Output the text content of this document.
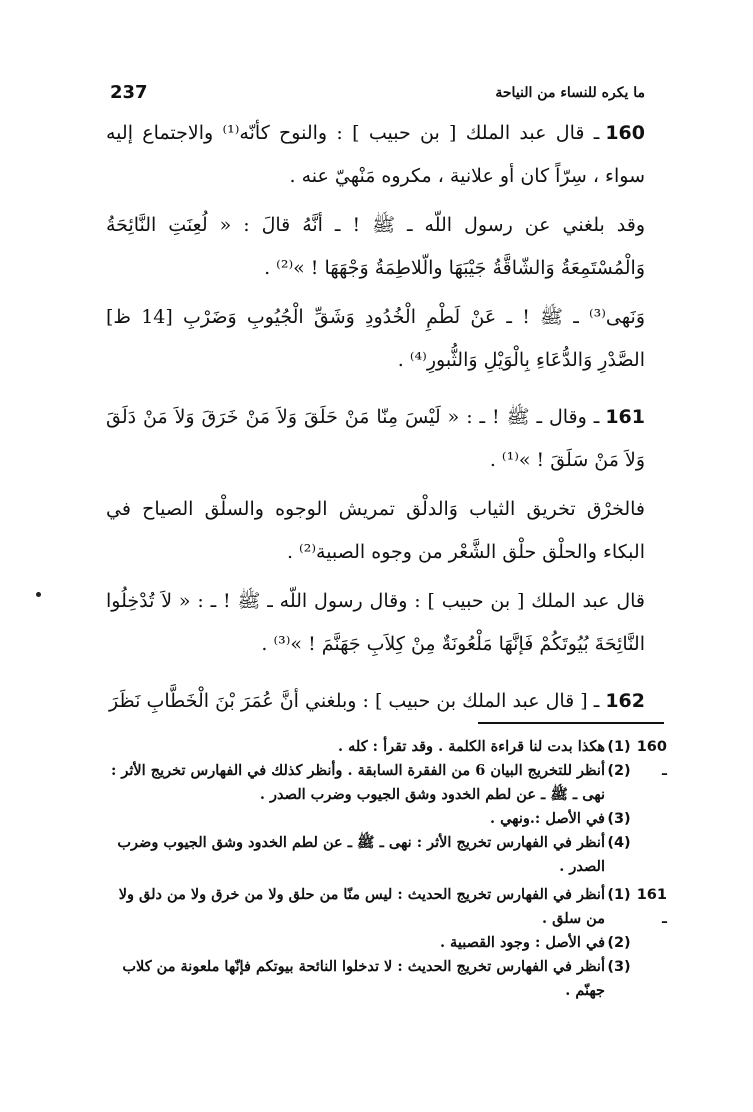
237	ما يكره للنساء من النياحة

160ـ قال عبد الملك [ بن حبيب ] : والنوح كأنّه⁽¹⁾ والاجتماع إليه سواء ، سِرّاً كان أو علانية ، مكروه مَنْهيّ عنه .

وقد بلغني عن رسول اللّه ـ ﷺ ! ـ أنَّهُ قالَ : « لُعِنَتِ النَّائِحَةُ وَالْمُسْتَمِعَةُ وَالشّاقَّةُ جَيْبَهَا والّلاطِمَةُ وَجْهَهَا ! »⁽²⁾ .

وَنَهى⁽³⁾ ـ ﷺ ! ـ عَنْ لَطْمِ الْخُدُودِ وَشَقِّ الْجُيُوبِ وَضَرْبِ [14 ظ] الصَّدْرِ وَالدُّعَاءِ بِالْوَيْلِ وَالثُّبورِ⁽⁴⁾ .

161ـ وقال ـ ﷺ ! ـ : « لَيْسَ مِنّا مَنْ حَلَقَ وَلاَ مَنْ خَرَقَ وَلاَ مَنْ دَلَقَ وَلاَ مَنْ سَلَقَ ! »⁽¹⁾ .

فالخرْق تخريق الثياب وَالدلْق تمريش الوجوه والسلْق الصياح في البكاء والحلْق حلْق الشَّعْر من وجوه الصبية⁽²⁾ .

قال عبد الملك [ بن حبيب ] : وقال رسول اللّه ـ ﷺ ! ـ : « لاَ تُدْخِلُوا النَّائِحَةَ بُيُوتَكُمْ فَإنَّهَا مَلْعُونَةٌ مِنْ كِلاَبِ جَهَنَّمَ ! »⁽³⁾ .

162ـ [ قال عبد الملك بن حبيب ] : وبلغني أنَّ عُمَرَ بْنَ الْخَطَّابِ نَظَرَ

160 ـ
(1)
هكذا بدت لنا قراءة الكلمة . وقد تقرأ : كله .

(2)
أنظر للتخريج البيان 6 من الفقرة السابقة . وأنظر كذلك في الفهارس تخريج الأثر : نهى ـ ﷺ ـ عن لطم الخدود وشق الجيوب وضرب الصدر .

(3)
في الأصل :.ونهي .

(4)
أنظر في الفهارس تخريج الأثر : نهى ـ ﷺ ـ عن لطم الخدود وشق الجيوب وضرب الصدر .

161 ـ
(1)
أنظر في الفهارس تخريج الحديث : ليس منّا من حلق ولا من خرق ولا من دلق ولا من سلق .

(2)
في الأصل : وجود القصبية .

(3)
أنظر في الفهارس تخريج الحديث : لا تدخلوا النائحة بيوتكم فإنّها ملعونة من كلاب جهنّم .
